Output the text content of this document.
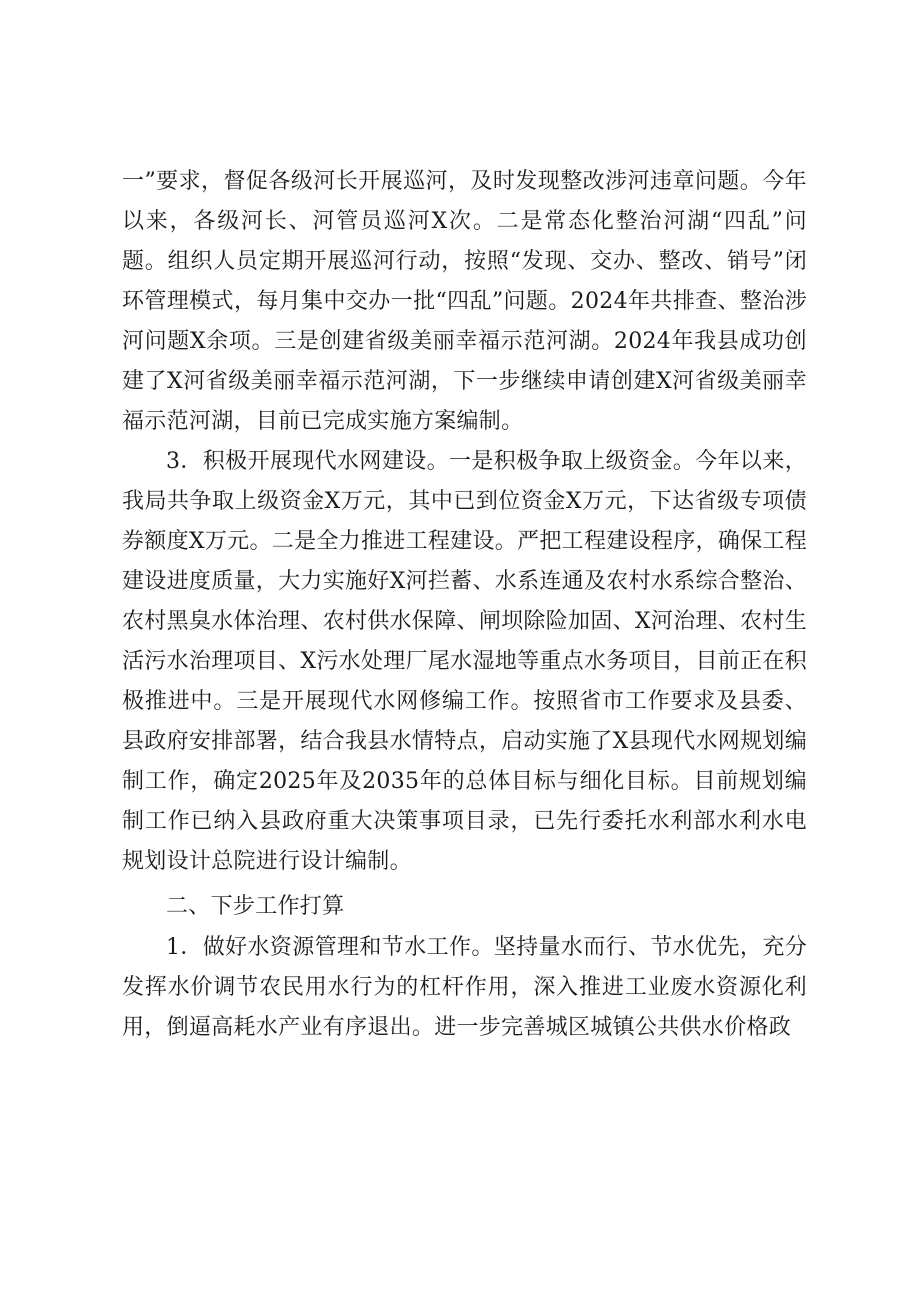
一”要求，督促各级河长开展巡河，及时发现整改涉河违章问题。今年以来，各级河长、河管员巡河X次。二是常态化整治河湖“四乱”问题。组织人员定期开展巡河行动，按照“发现、交办、整改、销号”闭环管理模式，每月集中交办一批“四乱”问题。2024年共排查、整治涉河问题X余项。三是创建省级美丽幸福示范河湖。2024年我县成功创建了X河省级美丽幸福示范河湖，下一步继续申请创建X河省级美丽幸福示范河湖，目前已完成实施方案编制。

3．积极开展现代水网建设。一是积极争取上级资金。今年以来，我局共争取上级资金X万元，其中已到位资金X万元，下达省级专项债券额度X万元。二是全力推进工程建设。严把工程建设程序，确保工程建设进度质量，大力实施好X河拦蓄、水系连通及农村水系综合整治、农村黑臭水体治理、农村供水保障、闸坝除险加固、X河治理、农村生活污水治理项目、X污水处理厂尾水湿地等重点水务项目，目前正在积极推进中。三是开展现代水网修编工作。按照省市工作要求及县委、县政府安排部署，结合我县水情特点，启动实施了X县现代水网规划编制工作，确定2025年及2035年的总体目标与细化目标。目前规划编制工作已纳入县政府重大决策事项目录，已先行委托水利部水利水电规划设计总院进行设计编制。

二、下步工作打算

1．做好水资源管理和节水工作。坚持量水而行、节水优先，充分发挥水价调节农民用水行为的杠杆作用，深入推进工业废水资源化利用，倒逼高耗水产业有序退出。进一步完善城区城镇公共供水价格政
